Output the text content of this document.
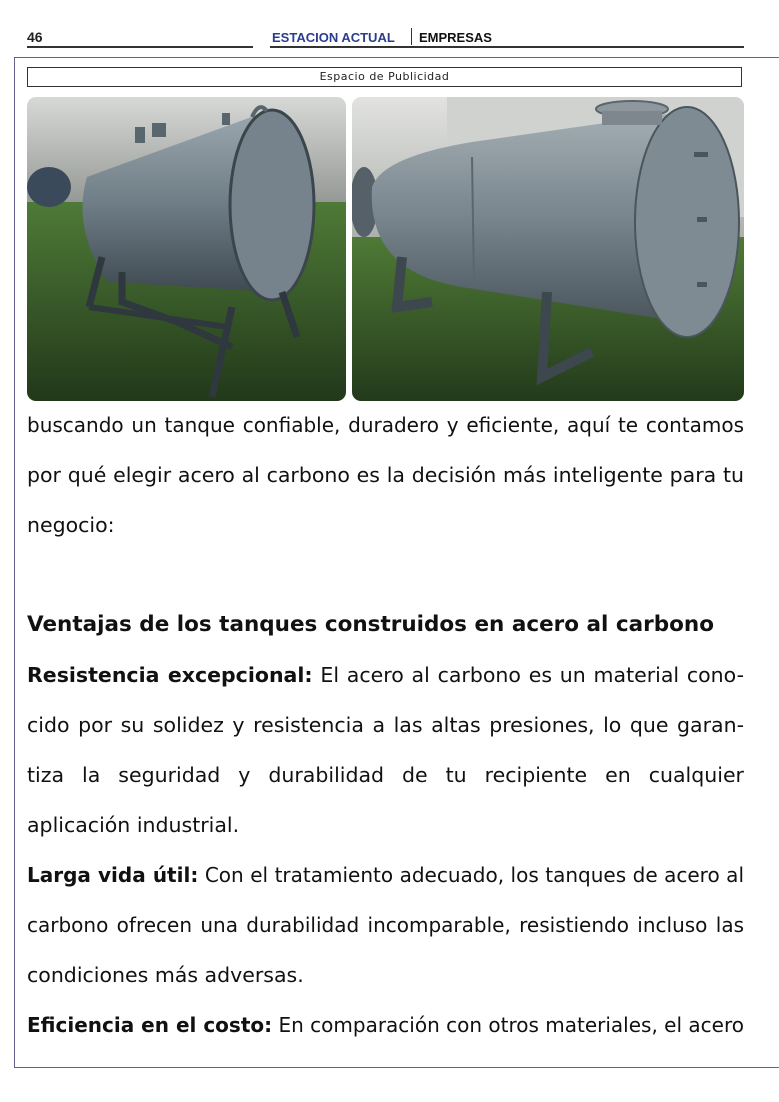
46	ESTACION ACTUAL EMPRESAS
Espacio de Publicidad
buscando un tanque confiable, duradero y eficiente, aquí te contamos
por qué elegir acero al carbono es la decisión más inteligente para tu
negocio:
Ventajas de los tanques construidos en acero al carbono
Resistencia excepcional: El acero al carbono es un material cono-
cido por su solidez y resistencia a las altas presiones, lo que garan-
tiza la seguridad y durabilidad de tu recipiente en cualquier
aplicación industrial.
Larga vida útil: Con el tratamiento adecuado, los tanques de acero al
carbono ofrecen una durabilidad incomparable, resistiendo incluso las
condiciones más adversas.
Eficiencia en el costo: En comparación con otros materiales, el acero
